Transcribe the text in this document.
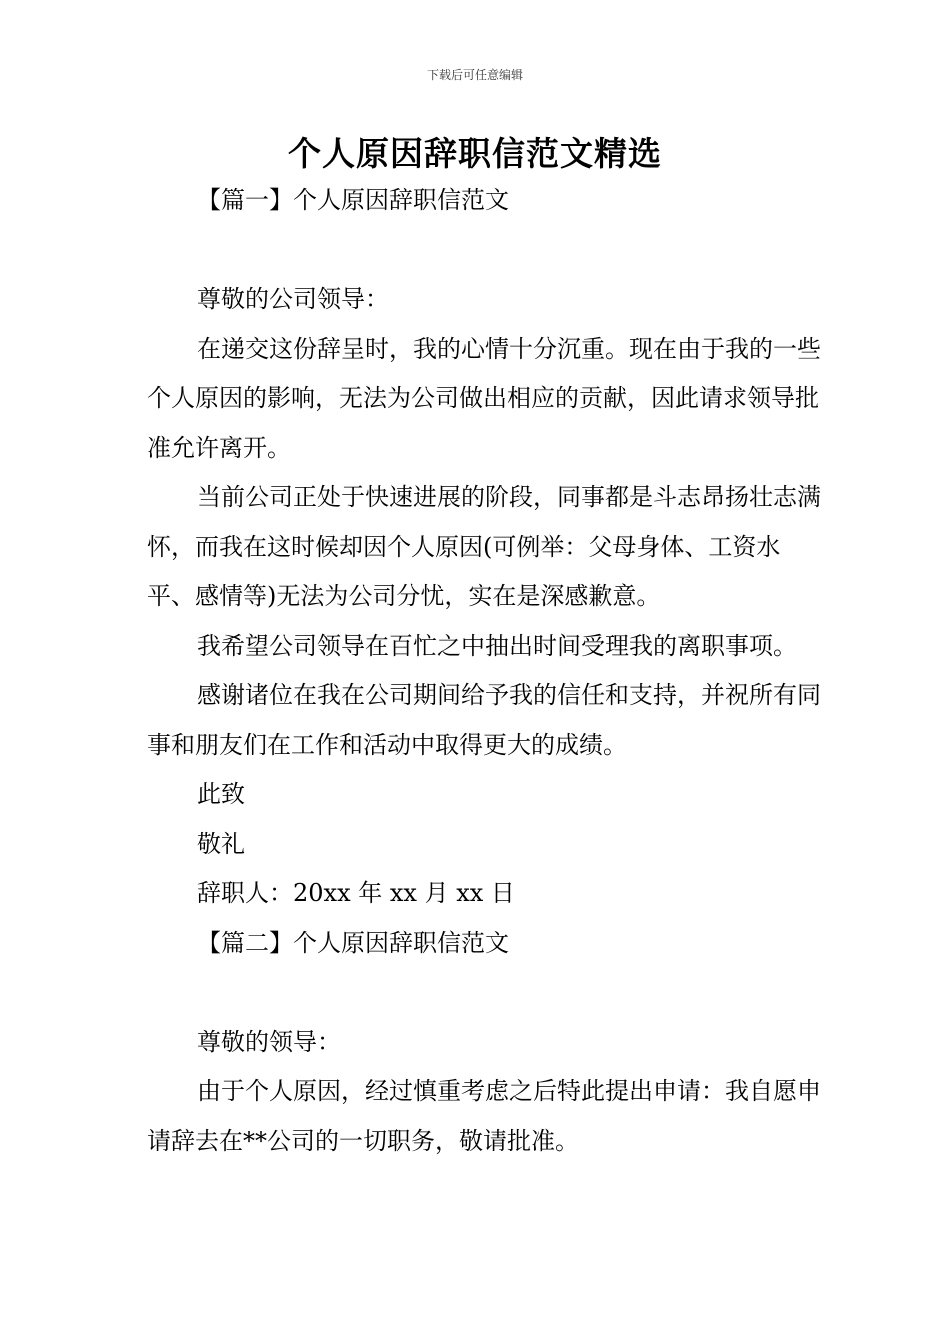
下载后可任意编辑
个人原因辞职信范文精选

【篇一】个人原因辞职信范文

尊敬的公司领导：

在递交这份辞呈时，我的心情十分沉重。现在由于我的一些个人原因的影响，无法为公司做出相应的贡献，因此请求领导批准允许离开。

当前公司正处于快速进展的阶段，同事都是斗志昂扬壮志满怀，而我在这时候却因个人原因(可例举：父母身体、工资水平、感情等)无法为公司分忧，实在是深感歉意。

我希望公司领导在百忙之中抽出时间受理我的离职事项。

感谢诸位在我在公司期间给予我的信任和支持，并祝所有同事和朋友们在工作和活动中取得更大的成绩。

此致

敬礼

辞职人：20xx 年 xx 月 xx 日

【篇二】个人原因辞职信范文

尊敬的领导：

由于个人原因，经过慎重考虑之后特此提出申请：我自愿申请辞去在**公司的一切职务，敬请批准。
